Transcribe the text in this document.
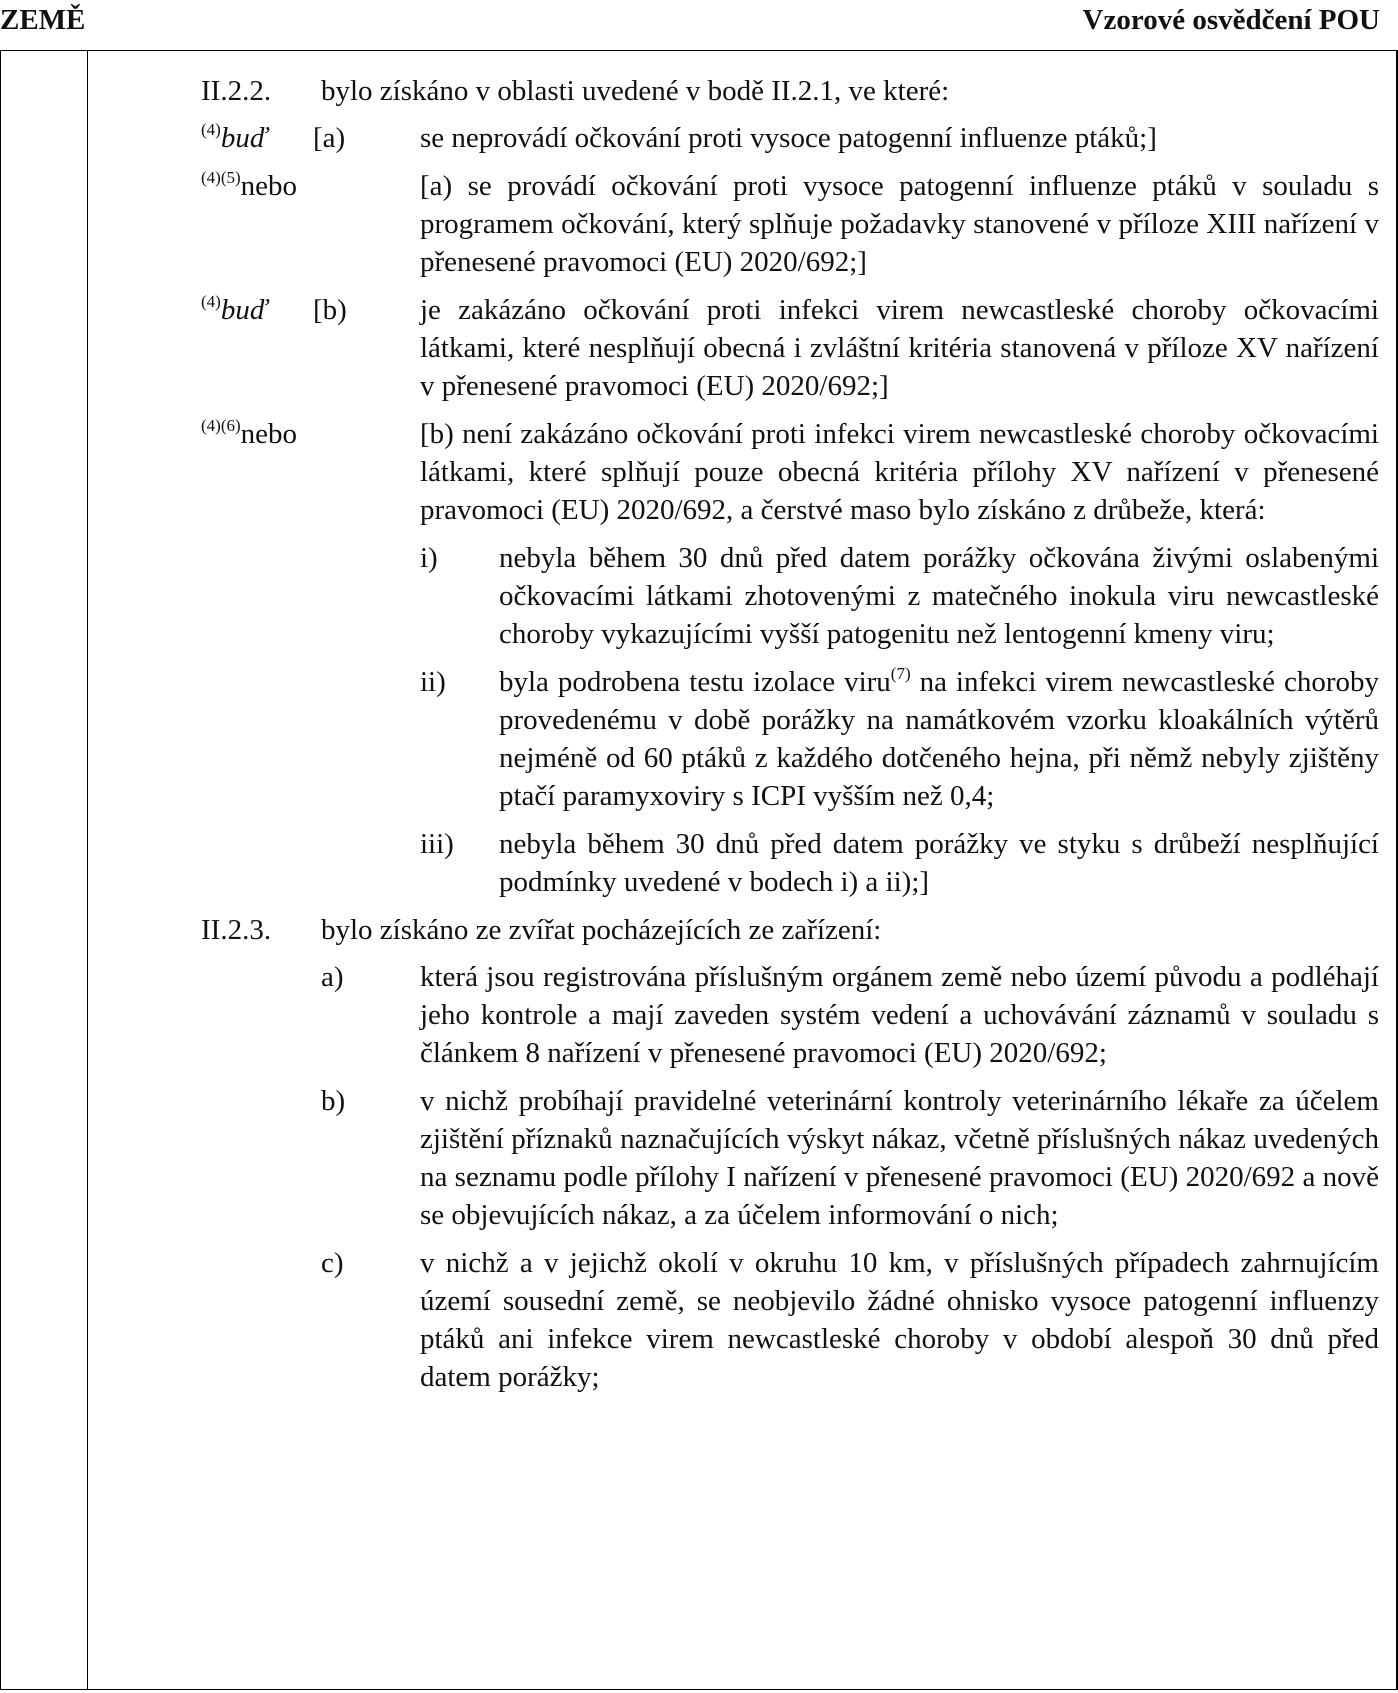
ZEMĚ	Vzorové osvědčení POU
II.2.2. bylo získáno v oblasti uvedené v bodě II.2.1, ve které:
$^{(4)}$buď [a)	se neprovádí očkování proti vysoce patogenní influenze ptáků;]
$^{(4)(5)}$nebo	[a) se provádí očkování proti vysoce patogenní influenze ptáků v souladu s programem očkování, který splňuje požadavky stanovené v příloze XIII nařízení v přenesené pravomoci (EU) 2020/692;]
$^{(4)}$buď [b)	je zakázáno očkování proti infekci virem newcastleské choroby očkovacími látkami, které nesplňují obecná i zvláštní kritéria stanovená v příloze XV nařízení v přenesené pravomoci (EU) 2020/692;]
$^{(4)(6)}$nebo	[b) není zakázáno očkování proti infekci virem newcastleské choroby očkovacími látkami, které splňují pouze obecná kritéria přílohy XV nařízení v přenesené pravomoci (EU) 2020/692, a čerstvé maso bylo získáno z drůbeže, která:
i) nebyla během 30 dnů před datem porážky očkována živými oslabenými očkovacími látkami zhotovenými z matečného inokula viru newcastleské choroby vykazujícími vyšší patogenitu než lentogenní kmeny viru;
ii) byla podrobena testu izolace viru$^{(7)}$ na infekci virem newcastleské choroby provedenému v době porážky na namátkovém vzorku kloakálních výtěrů nejméně od 60 ptáků z každého dotčeného hejna, při němž nebyly zjištěny ptačí paramyxoviry s ICPI vyšším než 0,4;
iii) nebyla během 30 dnů před datem porážky ve styku s drůbeží nesplňující podmínky uvedené v bodech i) a ii);]
II.2.3. bylo získáno ze zvířat pocházejících ze zařízení:
a)	která jsou registrována příslušným orgánem země nebo území původu a podléhají jeho kontrole a mají zaveden systém vedení a uchovávání záznamů v souladu s článkem 8 nařízení v přenesené pravomoci (EU) 2020/692;
b)	v nichž probíhají pravidelné veterinární kontroly veterinárního lékaře za účelem zjištění příznaků naznačujících výskyt nákaz, včetně příslušných nákaz uvedených na seznamu podle přílohy I nařízení v přenesené pravomoci (EU) 2020/692 a nově se objevujících nákaz, a za účelem informování o nich;
c)	v nichž a v jejichž okolí v okruhu 10 km, v příslušných případech zahrnujícím území sousední země, se neobjevilo žádné ohnisko vysoce patogenní influenzy ptáků ani infekce virem newcastleské choroby v období alespoň 30 dnů před datem porážky;
